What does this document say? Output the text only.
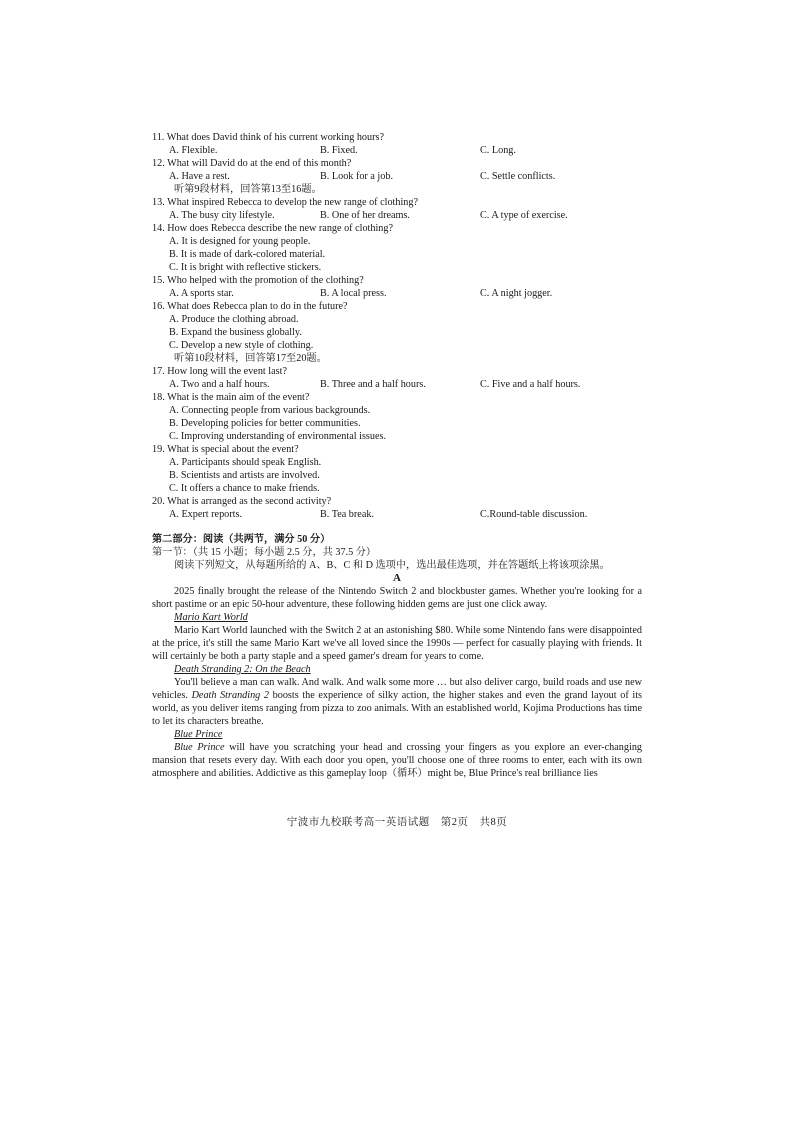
11. What does David think of his current working hours?

A. Flexible.	B. Fixed.	C. Long.

12. What will David do at the end of this month?

A. Have a rest.	B. Look for a job.	C. Settle conflicts.

听第9段材料，回答第13至16题。

13. What inspired Rebecca to develop the new range of clothing?

A. The busy city lifestyle.	B. One of her dreams.	C. A type of exercise.

14. How does Rebecca describe the new range of clothing?

A. It is designed for young people.

B. It is made of dark-colored material.

C. It is bright with reflective stickers.

15. Who helped with the promotion of the clothing?

A. A sports star.	B. A local press.	C. A night jogger.

16. What does Rebecca plan to do in the future?

A. Produce the clothing abroad.

B. Expand the business globally.

C. Develop a new style of clothing.

听第10段材料，回答第17至20题。

17. How long will the event last?

A. Two and a half hours.	B. Three and a half hours.	C. Five and a half hours.

18. What is the main aim of the event?

A. Connecting people from various backgrounds.

B. Developing policies for better communities.

C. Improving understanding of environmental issues.

19. What is special about the event?

A. Participants should speak English.

B. Scientists and artists are involved.

C. It offers a chance to make friends.

20. What is arranged as the second activity?

A. Expert reports.	B. Tea break.	C.Round-table discussion.

第二部分：阅读（共两节，满分 50 分）

第一节：（共 15 小题；每小题 2.5 分，共 37.5 分）

阅读下列短文，从每题所给的 A、B、C 和 D 选项中，选出最佳选项，并在答题纸上将该项涂黑。

A

2025 finally brought the release of the Nintendo Switch 2 and blockbuster games. Whether you're looking for a short pastime or an epic 50-hour adventure, these following hidden gems are just one click away.

Mario Kart World

Mario Kart World launched with the Switch 2 at an astonishing $80. While some Nintendo fans were disappointed at the price, it's still the same Mario Kart we've all loved since the 1990s — perfect for casually playing with friends. It will certainly be both a party staple and a speed gamer's dream for years to come.

Death Stranding 2: On the Beach

You'll believe a man can walk. And walk. And walk some more … but also deliver cargo, build roads and use new vehicles. Death Stranding 2 boosts the experience of silky action, the higher stakes and even the grand layout of its world, as you deliver items ranging from pizza to zoo animals. With an established world, Kojima Productions has time to let its characters breathe.

Blue Prince

Blue Prince will have you scratching your head and crossing your fingers as you explore an ever-changing mansion that resets every day. With each door you open, you'll choose one of three rooms to enter, each with its own atmosphere and abilities. Addictive as this gameplay loop（循环）might be, Blue Prince's real brilliance lies

宁波市九校联考高一英语试题　第2页　共8页
